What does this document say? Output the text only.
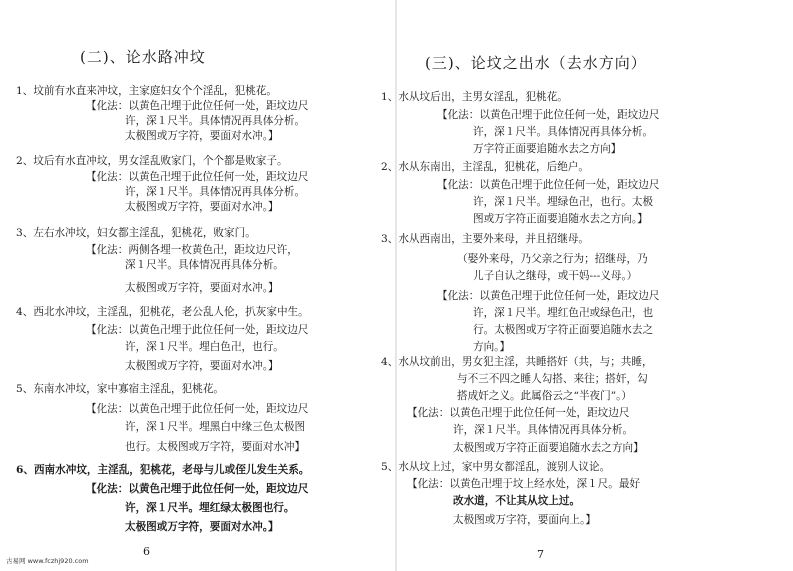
(二)、论水路冲坟
1、坟前有水直来冲坟，主家庭妇女个个淫乱，犯桃花。
【化法：以黄色卍埋于此位任何一处，距坟边尺
许，深１尺半。具体情况再具体分析。
太极图或万字符，要面对水冲。】
2、坟后有水直冲坟，男女淫乱败家门，个个都是败家子。
【化法：以黄色卍埋于此位任何一处，距坟边尺
许，深１尺半。具体情况再具体分析。
太极图或万字符，要面对水冲。】
3、左右水冲坟，妇女都主淫乱，犯桃花，败家门。
【化法：两侧各埋一枚黄色卍，距坟边尺许，
深１尺半。具体情况再具体分析。
太极图或万字符，要面对水冲。】
4、西北水冲坟，主淫乱，犯桃花，老公乱人伦，扒灰家中生。
【化法：以黄色卍埋于此位任何一处，距坟边尺
许，深１尺半。埋白色卍，也行。
太极图或万字符，要面对水冲。】
5、东南水冲坟，家中寡宿主淫乱，犯桃花。
【化法：以黄色卍埋于此位任何一处，距坟边尺
许，深１尺半。埋黑白中缘三色太极图
也行。太极图或万字符，要面对水冲】
6、西南水冲坟，主淫乱，犯桃花，老母与儿或侄儿发生关系。
【化法：以黄色卍埋于此位任何一处，距坟边尺
许，深１尺半。埋红绿太极图也行。
太极图或万字符，要面对水冲。】
6
(三)、论坟之出水（去水方向）
1、水从坟后出，主男女淫乱，犯桃花。
【化法：以黄色卍埋于此位任何一处，距坟边尺
许，深１尺半。具体情况再具体分析。
万字符正面要追随水去之方向】
2、水从东南出，主淫乱，犯桃花，后绝户。
【化法：以黄色卍埋于此位任何一处，距坟边尺
许，深１尺半。埋绿色卍，也行。太极
图或万字符正面要追随水去之方向。】
3、水从西南出，主要外来母，并且招继母。
（娶外来母，乃父亲之行为；招继母，乃
儿子自认之继母，或干妈---义母。）
【化法：以黄色卍埋于此位任何一处，距坟边尺
许，深１尺半。埋红色卍或绿色卍，也
行。太极图或万字符正面要追随水去之
方向。】
4、水从坟前出，男女犯主淫，共睡搭奸（共，与；共睡，
与不三不四之睡人勾搭、来往；搭奸，勾
搭成奸之义。此属俗云之“半夜门”。）
【化法：以黄色卍埋于此位任何一处，距坟边尺
许，深１尺半。具体情况再具体分析。
太极图或万字符正面要追随水去之方向】
5、水从坟上过，家中男女都淫乱，渡别人议论。
【化法：以黄色卍埋于坟上经水处，深１尺。最好
改水道，不让其从坟上过。
太极图或万字符，要面向上。】
7
古易网 www.fczhj920.com
